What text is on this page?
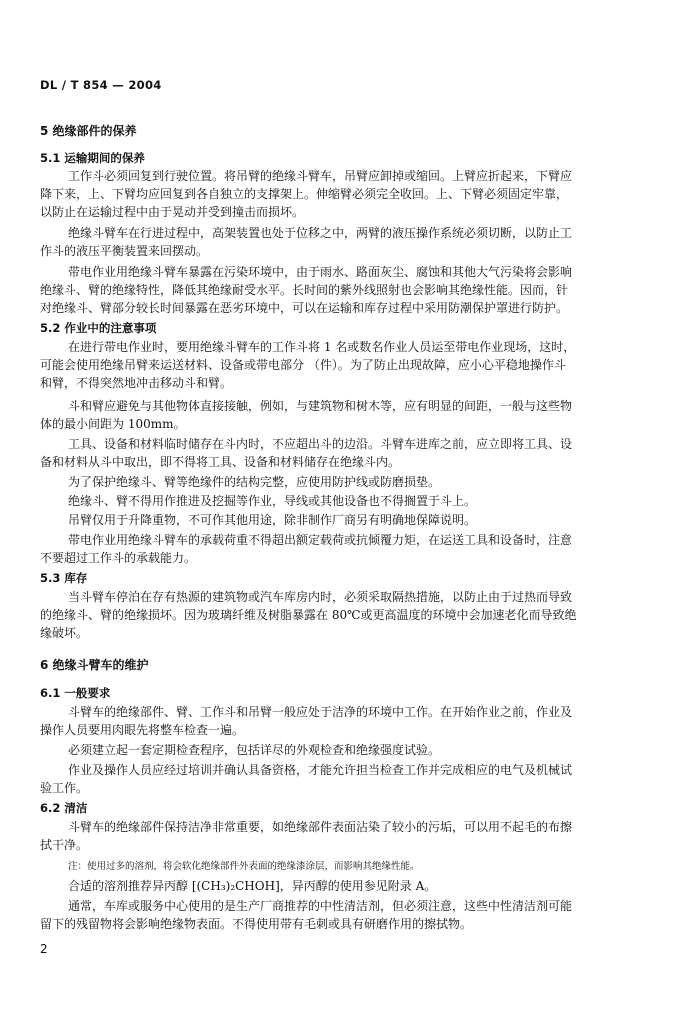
DL / T 854 — 2004
5 绝缘部件的保养
5.1 运输期间的保养
工作斗必须回复到行驶位置。将吊臂的绝缘斗臂车，吊臂应卸掉或缩回。上臂应折起来，下臂应
降下来，上、下臂均应回复到各自独立的支撑架上。伸缩臂必须完全收回。上、下臂必须固定牢靠，
以防止在运输过程中由于晃动并受到撞击而损坏。
绝缘斗臂车在行进过程中，高架装置也处于位移之中，两臂的液压操作系统必须切断，以防止工
作斗的液压平衡装置来回摆动。
带电作业用绝缘斗臂车暴露在污染环境中，由于雨水、路面灰尘、腐蚀和其他大气污染将会影响
绝缘斗、臂的绝缘特性，降低其绝缘耐受水平。长时间的紫外线照射也会影响其绝缘性能。因而，针
对绝缘斗、臂部分较长时间暴露在恶劣环境中，可以在运输和库存过程中采用防潮保护罩进行防护。
5.2 作业中的注意事项
在进行带电作业时，要用绝缘斗臂车的工作斗将 1 名或数名作业人员运至带电作业现场，这时，
可能会使用绝缘吊臂来运送材料、设备或带电部分 （件）。为了防止出现故障，应小心平稳地操作斗
和臂，不得突然地冲击移动斗和臂。
斗和臂应避免与其他物体直接接触，例如，与建筑物和树木等，应有明显的间距，一般与这些物
体的最小间距为 100mm。
工具、设备和材料临时储存在斗内时，不应超出斗的边沿。斗臂车进库之前，应立即将工具、设
备和材料从斗中取出，即不得将工具、设备和材料储存在绝缘斗内。
为了保护绝缘斗、臂等绝缘件的结构完整，应使用防护线或防磨损垫。
绝缘斗、臂不得用作推进及挖掘等作业，导线或其他设备也不得搁置于斗上。
吊臂仅用于升降重物，不可作其他用途，除非制作厂商另有明确地保障说明。
带电作业用绝缘斗臂车的承载荷重不得超出额定载荷或抗倾覆力矩，在运送工具和设备时，注意
不要超过工作斗的承载能力。
5.3 库存
当斗臂车停泊在存有热源的建筑物或汽车库房内时，必须采取隔热措施，以防止由于过热而导致
的绝缘斗、臂的绝缘损坏。因为玻璃纤维及树脂暴露在 80℃或更高温度的环境中会加速老化而导致绝
缘破坏。
6 绝缘斗臂车的维护
6.1 一般要求
斗臂车的绝缘部件、臂、工作斗和吊臂一般应处于洁净的环境中工作。在开始作业之前，作业及
操作人员要用肉眼先将整车检查一遍。
必须建立起一套定期检查程序，包括详尽的外观检查和绝缘强度试验。
作业及操作人员应经过培训并确认具备资格，才能允许担当检查工作并完成相应的电气及机械试
验工作。
6.2 清洁
斗臂车的绝缘部件保持洁净非常重要，如绝缘部件表面沾染了较小的污垢，可以用不起毛的布擦
拭干净。
注：使用过多的溶剂，将会软化绝缘部件外表面的绝缘漆涂层，而影响其绝缘性能。
合适的溶剂推荐异丙醇 [(CH₃)₂CHOH]，异丙醇的使用参见附录 A。
通常，车库或服务中心使用的是生产厂商推荐的中性清洁剂，但必须注意，这些中性清洁剂可能
留下的残留物将会影响绝缘物表面。不得使用带有毛刺或具有研磨作用的擦拭物。
2
